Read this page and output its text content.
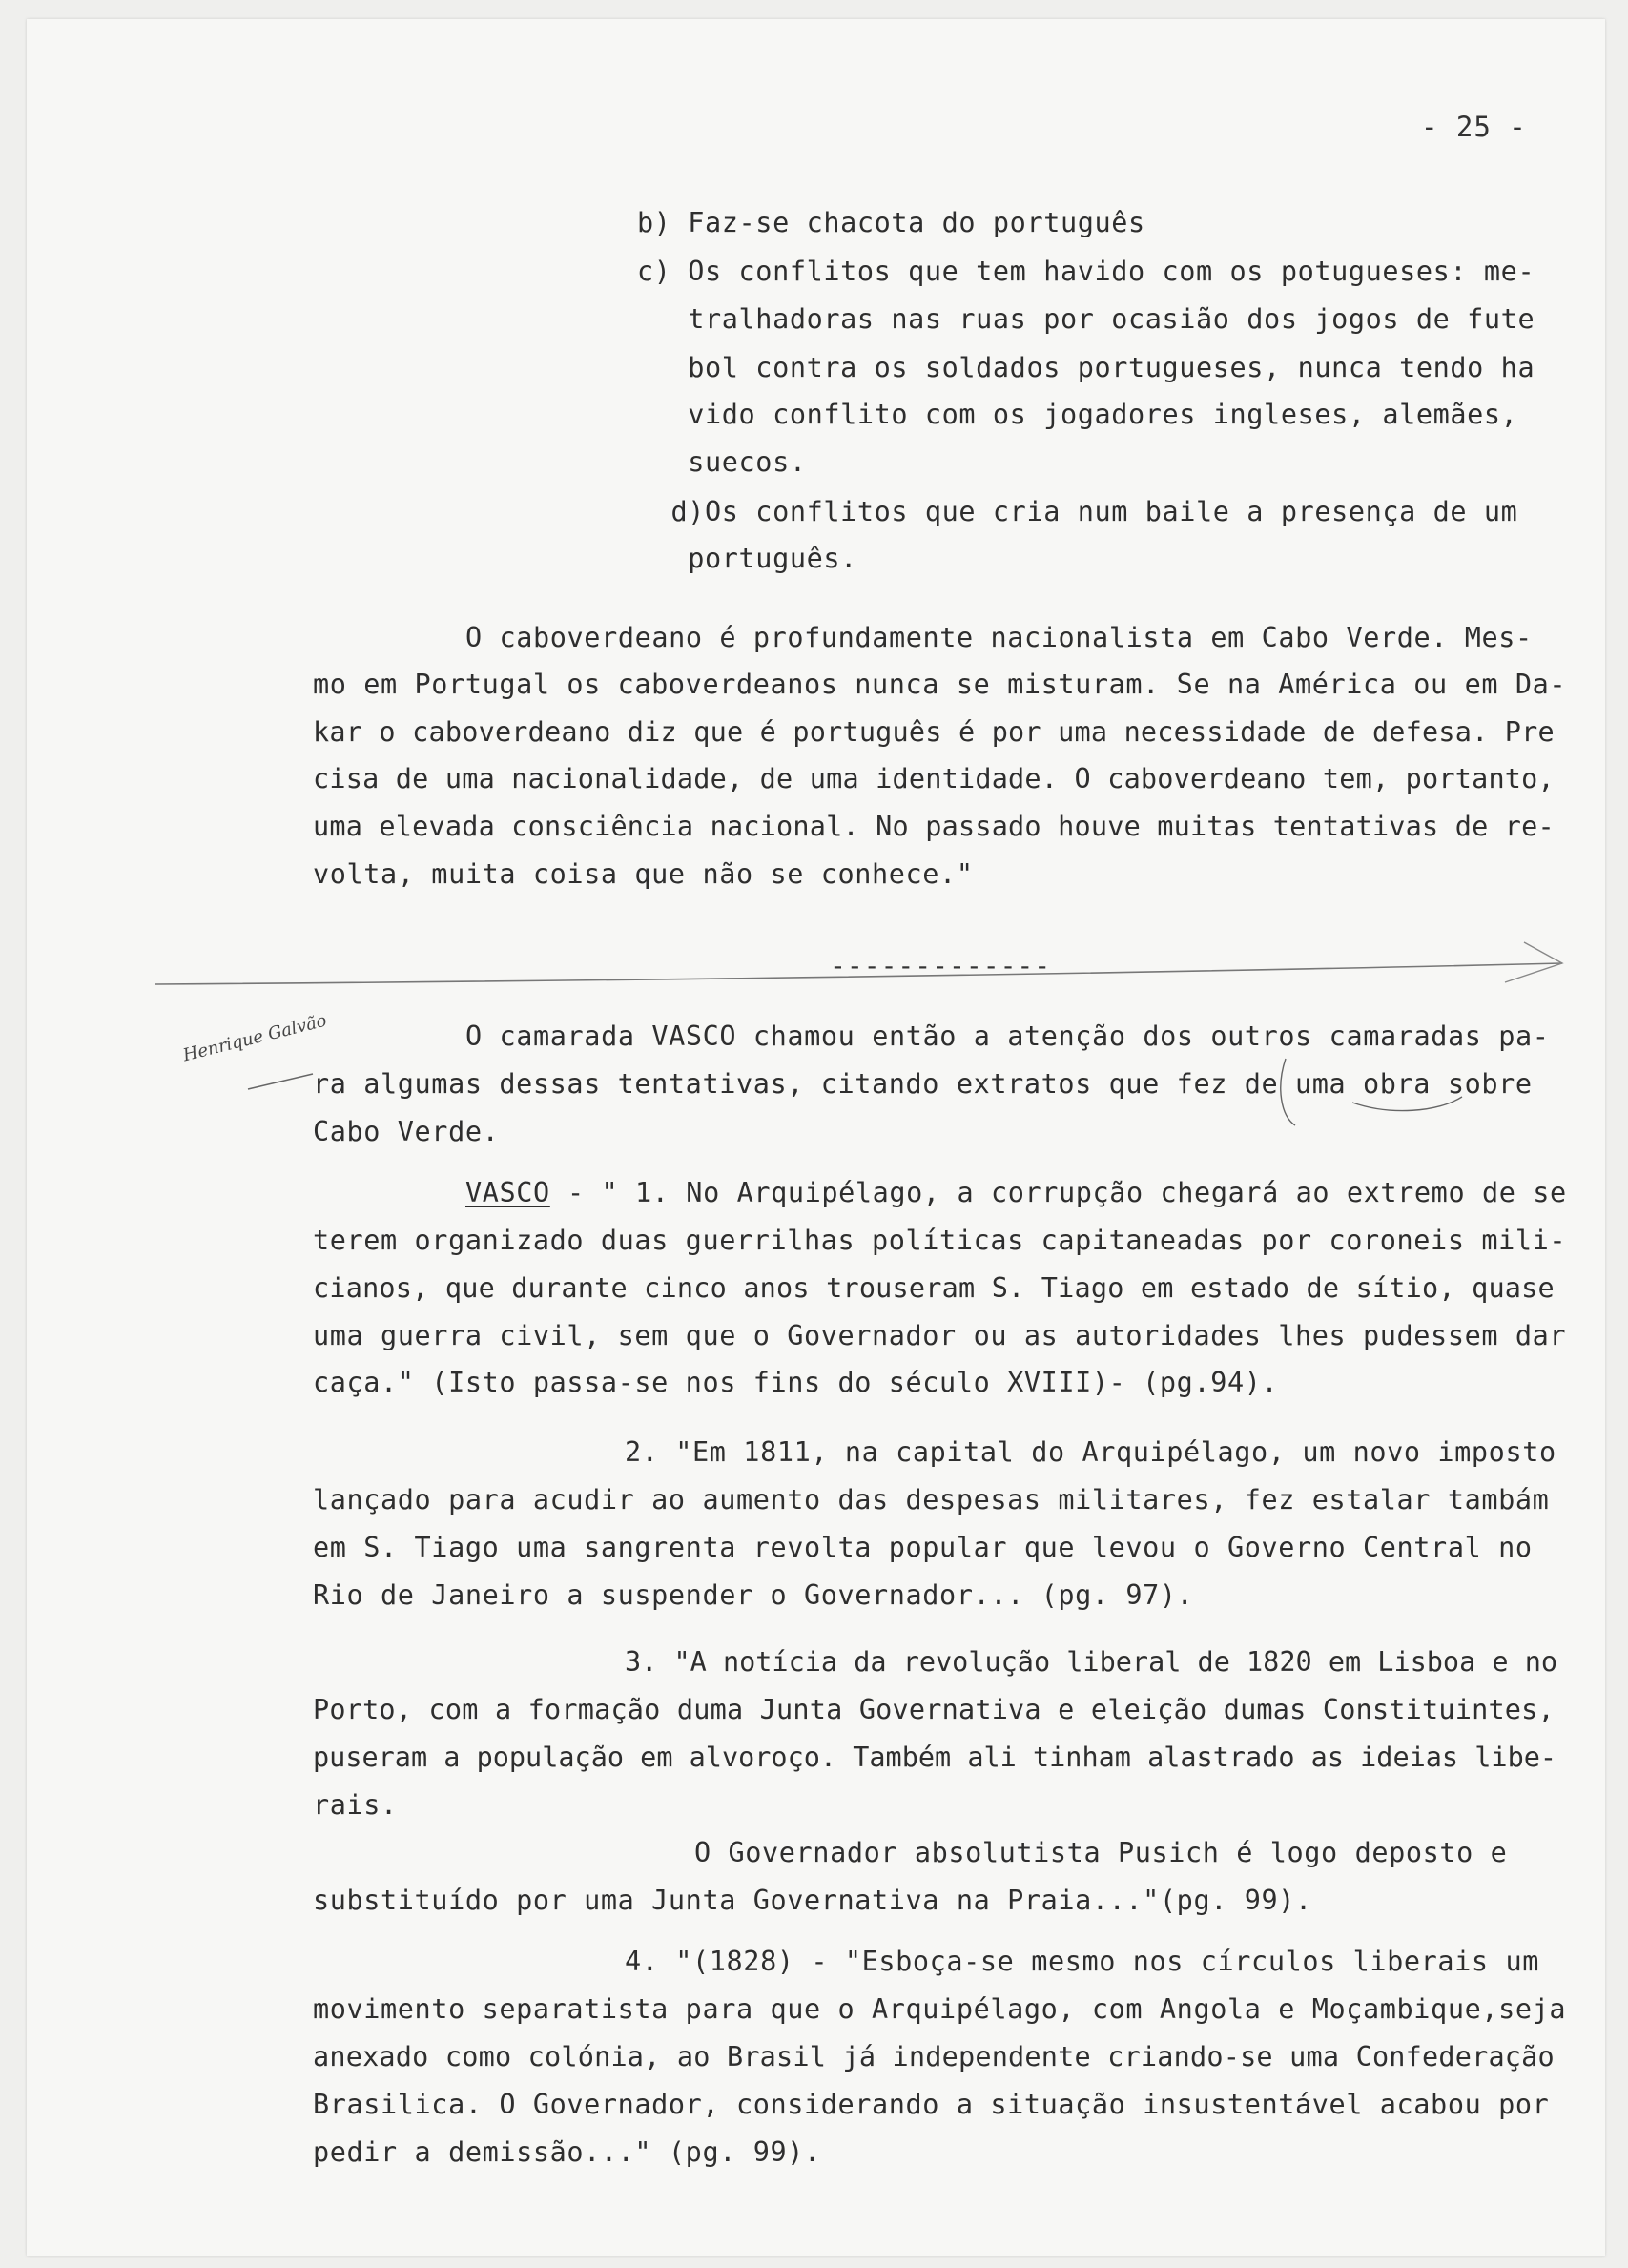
- 25 -
b) Faz-se chacota do português
c) Os conflitos que tem havido com os potugueses: me-
tralhadoras nas ruas por ocasião dos jogos de fute
bol contra os soldados portugueses, nunca tendo ha
vido conflito com os jogadores ingleses, alemães,
suecos.
d)Os conflitos que cria num baile a presença de um
português.
O caboverdeano é profundamente nacionalista em Cabo Verde. Mes-
mo em Portugal os caboverdeanos nunca se misturam. Se na América ou em Da-
kar o caboverdeano diz que é português é por uma necessidade de defesa. Pre
cisa de uma nacionalidade, de uma identidade. O caboverdeano tem, portanto,
uma elevada consciência nacional. No passado houve muitas tentativas de re-
volta, muita coisa que não se conhece."
-------------
Henrique Galvão	O camarada VASCO chamou então a atenção dos outros camaradas pa-
ra algumas dessas tentativas, citando extratos que fez de uma obra sobre
Cabo Verde.
VASCO - " 1. No Arquipélago, a corrupção chegará ao extremo de se
terem organizado duas guerrilhas políticas capitaneadas por coroneis mili-
cianos, que durante cinco anos trouseram S. Tiago em estado de sítio, quase
uma guerra civil, sem que o Governador ou as autoridades lhes pudessem dar
caça." (Isto passa-se nos fins do século XVIII)- (pg.94).
2. "Em 1811, na capital do Arquipélago, um novo imposto
lançado para acudir ao aumento das despesas militares, fez estalar tambám
em S. Tiago uma sangrenta revolta popular que levou o Governo Central no
Rio de Janeiro a suspender o Governador... (pg. 97).
3. "A notícia da revolução liberal de 1820 em Lisboa e no
Porto, com a formação duma Junta Governativa e eleição dumas Constituintes,
puseram a população em alvoroço. Também ali tinham alastrado as ideias libe-
rais.
O Governador absolutista Pusich é logo deposto e
substituído por uma Junta Governativa na Praia..."(pg. 99).
4. "(1828) - "Esboça-se mesmo nos círculos liberais um
movimento separatista para que o Arquipélago, com Angola e Moçambique,seja
anexado como colónia, ao Brasil já independente criando-se uma Confederação
Brasilica. O Governador, considerando a situação insustentável acabou por
pedir a demissão..." (pg. 99).
